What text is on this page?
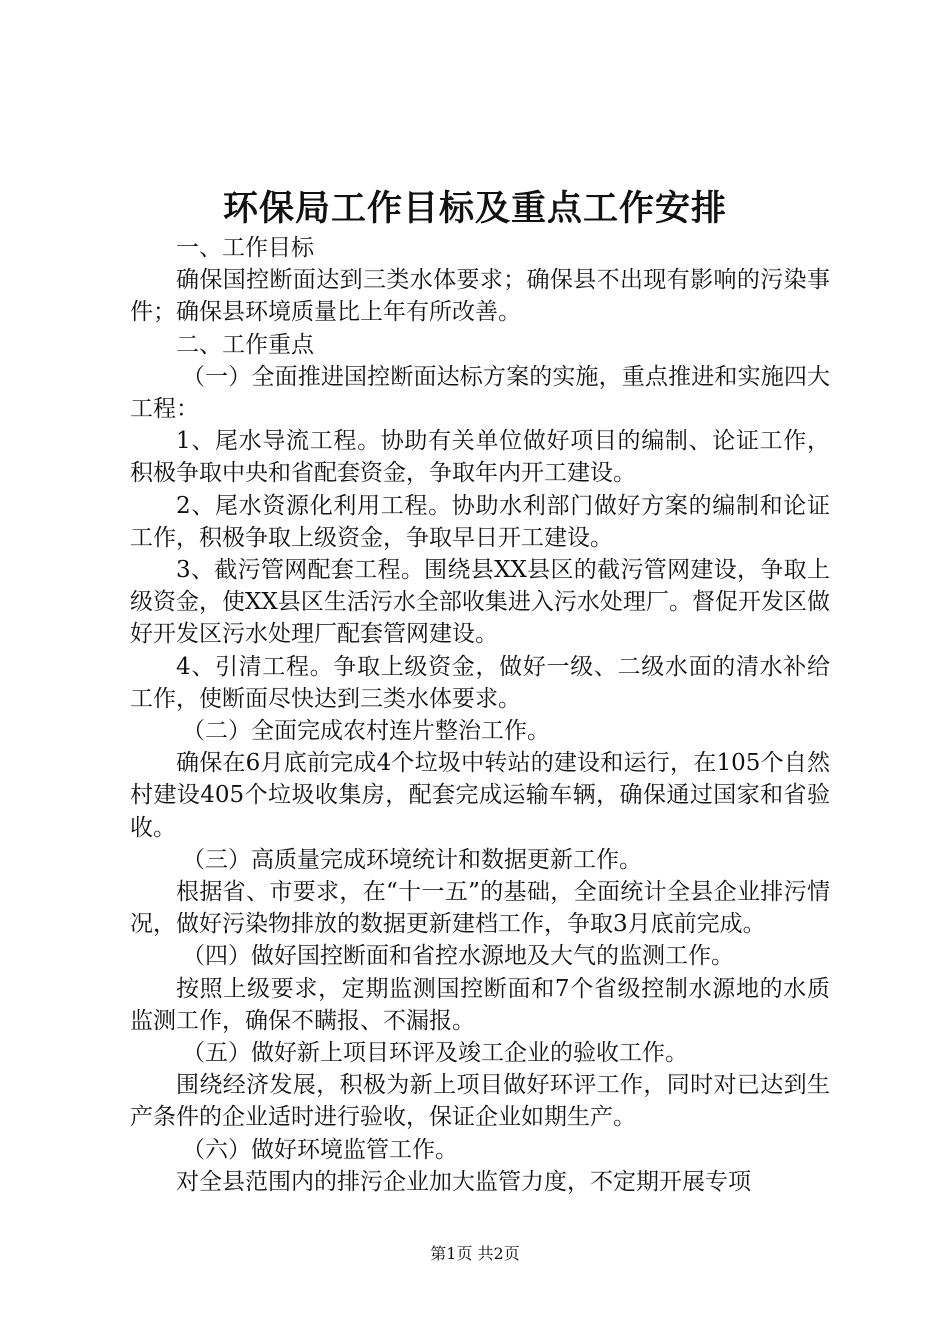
环保局工作目标及重点工作安排

一、工作目标

确保国控断面达到三类水体要求；确保县不出现有影响的污染事件；确保县环境质量比上年有所改善。

二、工作重点

（一）全面推进国控断面达标方案的实施，重点推进和实施四大工程：

1、尾水导流工程。协助有关单位做好项目的编制、论证工作，积极争取中央和省配套资金，争取年内开工建设。

2、尾水资源化利用工程。协助水利部门做好方案的编制和论证工作，积极争取上级资金，争取早日开工建设。

3、截污管网配套工程。围绕县XX县区的截污管网建设，争取上级资金，使XX县区生活污水全部收集进入污水处理厂。督促开发区做好开发区污水处理厂配套管网建设。

4、引清工程。争取上级资金，做好一级、二级水面的清水补给工作，使断面尽快达到三类水体要求。

（二）全面完成农村连片整治工作。

确保在6月底前完成4个垃圾中转站的建设和运行，在105个自然村建设405个垃圾收集房，配套完成运输车辆，确保通过国家和省验收。

（三）高质量完成环境统计和数据更新工作。

根据省、市要求，在“十一五”的基础，全面统计全县企业排污情况，做好污染物排放的数据更新建档工作，争取3月底前完成。

（四）做好国控断面和省控水源地及大气的监测工作。

按照上级要求，定期监测国控断面和7个省级控制水源地的水质监测工作，确保不瞒报、不漏报。

（五）做好新上项目环评及竣工企业的验收工作。

围绕经济发展，积极为新上项目做好环评工作，同时对已达到生产条件的企业适时进行验收，保证企业如期生产。

（六）做好环境监管工作。

对全县范围内的排污企业加大监管力度，不定期开展专项

第1页 共2页
